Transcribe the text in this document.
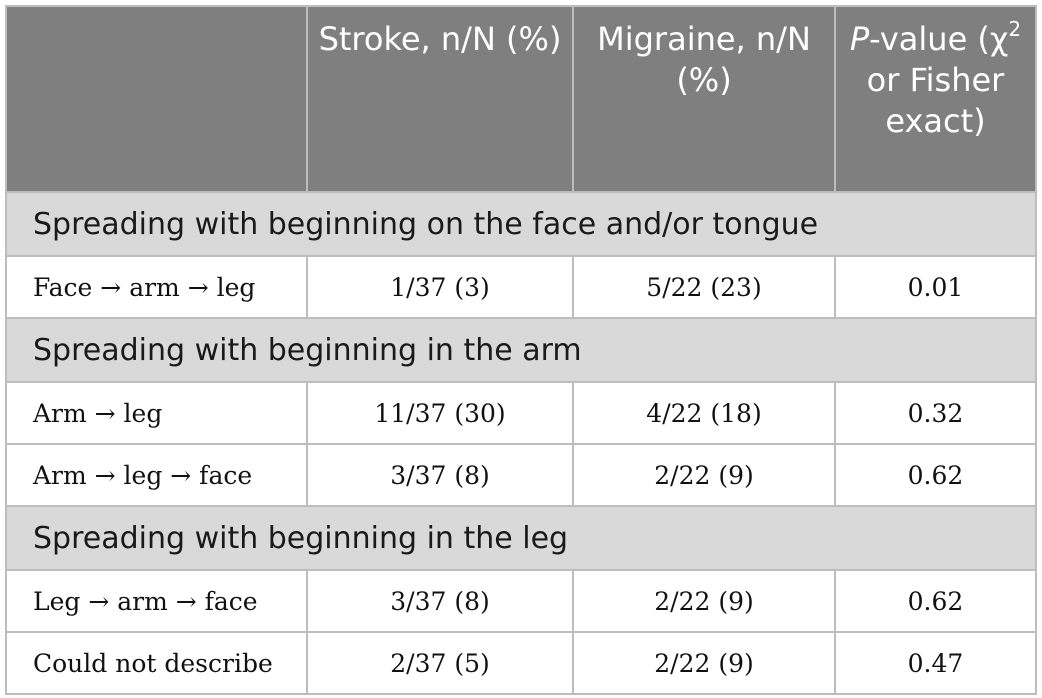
	Stroke, n/N (%)	Migraine, n/N (%)	P-value ($\chi^2$ or Fisher exact)
Spreading with beginning on the face and/or tongue			
Face → arm → leg	1/37 (3)	5/22 (23)	0.01
Spreading with beginning in the arm			
Arm → leg	11/37 (30)	4/22 (18)	0.32
Arm → leg → face	3/37 (8)	2/22 (9)	0.62
Spreading with beginning in the leg			
Leg → arm → face	3/37 (8)	2/22 (9)	0.62
Could not describe	2/37 (5)	2/22 (9)	0.47
